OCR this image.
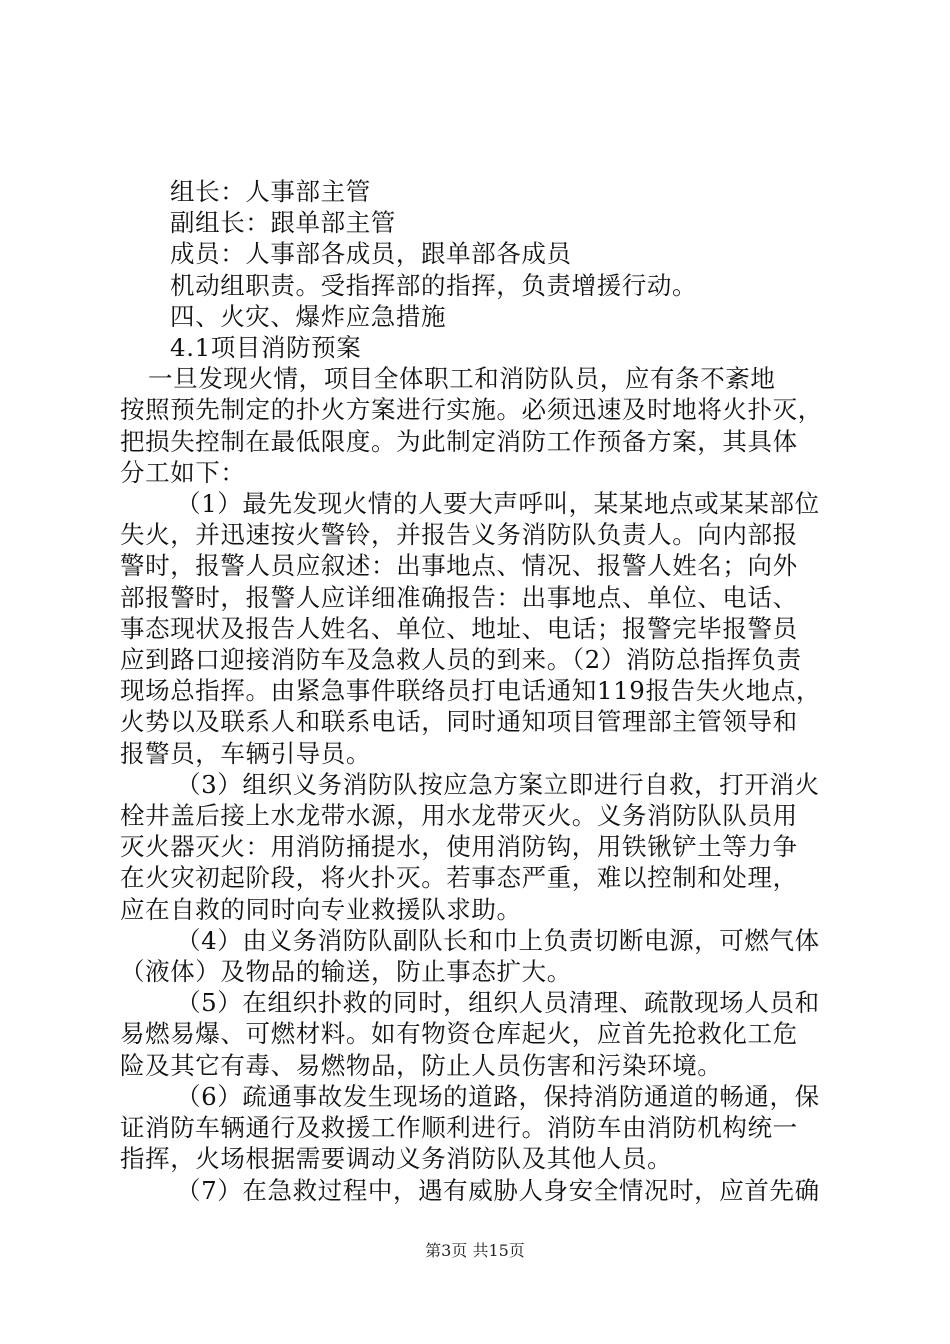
组长：人事部主管
副组长：跟单部主管
成员：人事部各成员，跟单部各成员
机动组职责。受指挥部的指挥，负责增援行动。
四、火灾、爆炸应急措施
4.1项目消防预案
一旦发现火情，项目全体职工和消防队员，应有条不紊地
按照预先制定的扑火方案进行实施。必须迅速及时地将火扑灭，
把损失控制在最低限度。为此制定消防工作预备方案，其具体
分工如下：
（1）最先发现火情的人要大声呼叫，某某地点或某某部位
失火，并迅速按火警铃，并报告义务消防队负责人。向内部报
警时，报警人员应叙述：出事地点、情况、报警人姓名；向外
部报警时，报警人应详细准确报告：出事地点、单位、电话、
事态现状及报告人姓名、单位、地址、电话；报警完毕报警员
应到路口迎接消防车及急救人员的到来。（2）消防总指挥负责
现场总指挥。由紧急事件联络员打电话通知119报告失火地点，
火势以及联系人和联系电话，同时通知项目管理部主管领导和
报警员，车辆引导员。
（3）组织义务消防队按应急方案立即进行自救，打开消火
栓井盖后接上水龙带水源，用水龙带灭火。义务消防队队员用
灭火器灭火：用消防捅提水，使用消防钩，用铁锹铲土等力争
在火灾初起阶段，将火扑灭。若事态严重，难以控制和处理，
应在自救的同时向专业救援队求助。
（4）由义务消防队副队长和巾上负责切断电源，可燃气体
（液体）及物品的输送，防止事态扩大。
（5）在组织扑救的同时，组织人员清理、疏散现场人员和
易燃易爆、可燃材料。如有物资仓库起火，应首先抢救化工危
险及其它有毒、易燃物品，防止人员伤害和污染环境。
（6）疏通事故发生现场的道路，保持消防通道的畅通，保
证消防车辆通行及救援工作顺利进行。消防车由消防机构统一
指挥，火场根据需要调动义务消防队及其他人员。
（7）在急救过程中，遇有威胁人身安全情况时，应首先确
第3页 共15页
